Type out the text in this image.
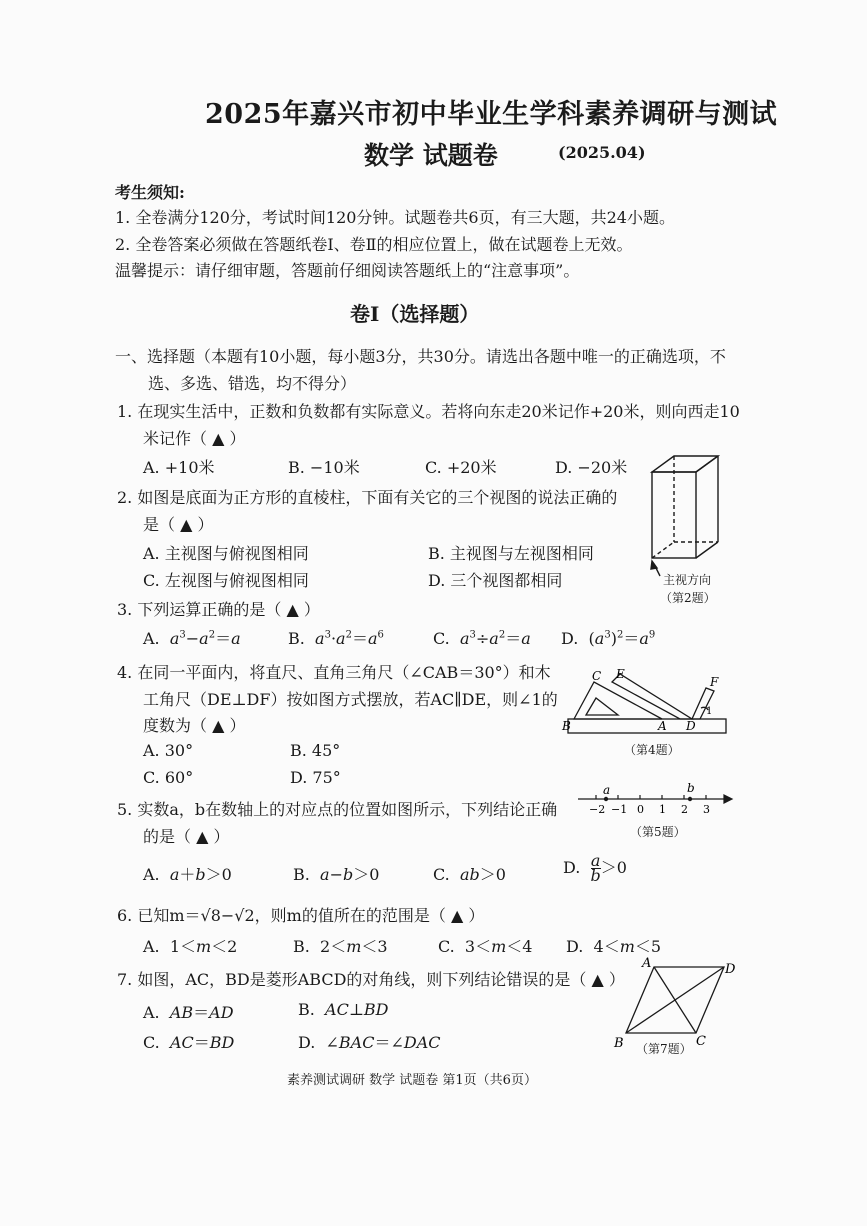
2025年嘉兴市初中毕业生学科素养调研与测试
数学 试题卷	(2025.04)
考生须知:
1. 全卷满分120分，考试时间120分钟。试题卷共6页，有三大题，共24小题。
2. 全卷答案必须做在答题纸卷Ⅰ、卷Ⅱ的相应位置上，做在试题卷上无效。
温馨提示：请仔细审题，答题前仔细阅读答题纸上的“注意事项”。
卷Ⅰ（选择题）
一、选择题（本题有10小题，每小题3分，共30分。请选出各题中唯一的正确选项，不
选、多选、错选，均不得分）
1. 在现实生活中，正数和负数都有实际意义。若将向东走20米记作+20米，则向西走10
米记作（ ▲ ）
A. +10米	B. −10米	C. +20米	D. −20米
2. 如图是底面为正方形的直棱柱，下面有关它的三个视图的说法正确的
是（ ▲ ）
A. 主视图与俯视图相同	B. 主视图与左视图相同
C. 左视图与俯视图相同	D. 三个视图都相同	主视方向
（第2题）
3. 下列运算正确的是（ ▲ ）
A.  $a^3-a^2=a$	B.  $a^3\cdot a^2=a^6$	C.  $a^3\div a^2=a$ D.  $(a^3)^2=a^9$
4. 在同一平面内，将直尺、直角三角尺（∠CAB＝30°）和木
工角尺（DE⊥DF）按如图方式摆放，若AC∥DE，则∠1的
度数为（ ▲ ）
A. 30°	B. 45°
C. 60°	D. 75°
B
C E
A D
F
1
（第4题）
5. 实数a，b在数轴上的对应点的位置如图所示，下列结论正确
的是（ ▲ ）
a	b
−2 −1 0 1 2 3
（第5题）
A.  a＋b＞0	B.  a−b＞0	C.  ab＞0	D.  $\frac{a}{b} >0$
6. 已知m＝√8−√2，则m的值所在的范围是（ ▲ ）
A.  1＜m＜2	B.  2＜m＜3	C.  3＜m＜4 D.  4＜m＜5
7. 如图，AC，BD是菱形ABCD的对角线，则下列结论错误的是（ ▲ ）
A.  AB＝AD	B.  AC⊥BD
C.  AC＝BD	D.  ∠BAC＝∠DAC
A	D
B	C
（第7题）
素养测试调研 数学 试题卷 第1页（共6页）
